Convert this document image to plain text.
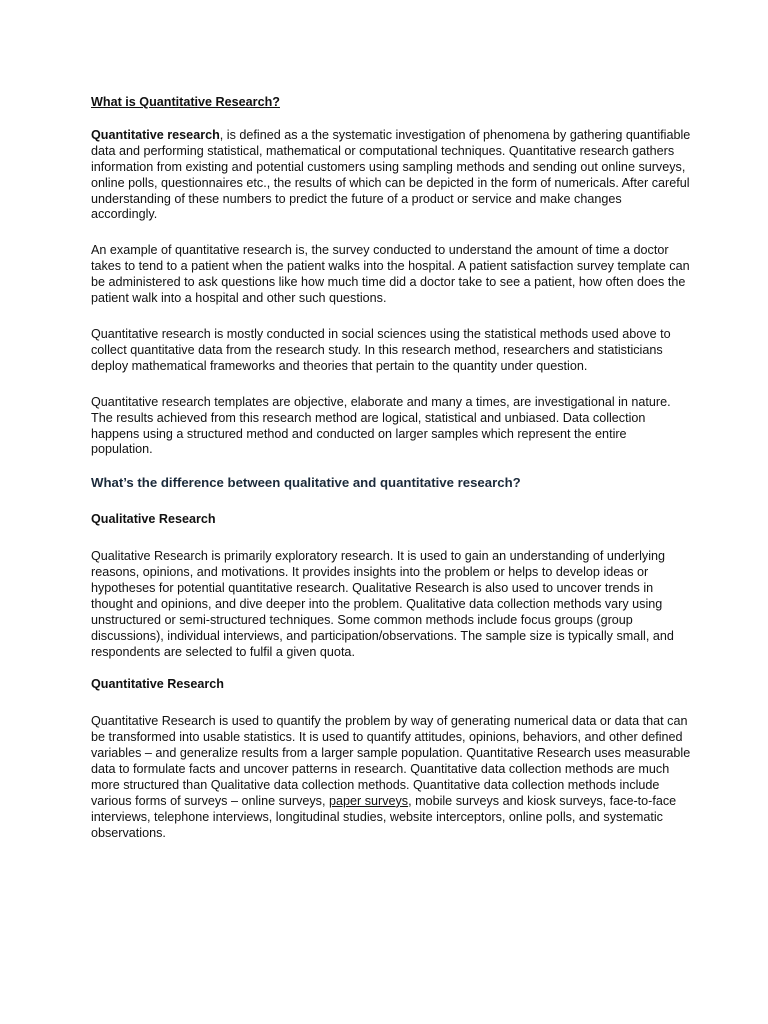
What is Quantitative Research?

Quantitative research, is defined as a the systematic investigation of phenomena by gathering quantifiable data and performing statistical, mathematical or computational techniques. Quantitative research gathers information from existing and potential customers using sampling methods and sending out online surveys, online polls, questionnaires etc., the results of which can be depicted in the form of numericals. After careful understanding of these numbers to predict the future of a product or service and make changes accordingly.

An example of quantitative research is, the survey conducted to understand the amount of time a doctor takes to tend to a patient when the patient walks into the hospital. A patient satisfaction survey template can be administered to ask questions like how much time did a doctor take to see a patient, how often does the patient walk into a hospital and other such questions.

Quantitative research is mostly conducted in social sciences using the statistical methods used above to collect quantitative data from the research study. In this research method, researchers and statisticians deploy mathematical frameworks and theories that pertain to the quantity under question.

Quantitative research templates are objective, elaborate and many a times, are investigational in nature. The results achieved from this research method are logical, statistical and unbiased. Data collection happens using a structured method and conducted on larger samples which represent the entire population.

What’s the difference between qualitative and quantitative research?
Qualitative Research

Qualitative Research is primarily exploratory research. It is used to gain an understanding of underlying reasons, opinions, and motivations. It provides insights into the problem or helps to develop ideas or hypotheses for potential quantitative research. Qualitative Research is also used to uncover trends in thought and opinions, and dive deeper into the problem. Qualitative data collection methods vary using unstructured or semi-structured techniques. Some common methods include focus groups (group discussions), individual interviews, and participation/observations. The sample size is typically small, and respondents are selected to fulfil a given quota.

Quantitative Research

Quantitative Research is used to quantify the problem by way of generating numerical data or data that can be transformed into usable statistics. It is used to quantify attitudes, opinions, behaviors, and other defined variables – and generalize results from a larger sample population. Quantitative Research uses measurable data to formulate facts and uncover patterns in research. Quantitative data collection methods are much more structured than Qualitative data collection methods. Quantitative data collection methods include various forms of surveys – online surveys, paper surveys, mobile surveys and kiosk surveys, face-to-face interviews, telephone interviews, longitudinal studies, website interceptors, online polls, and systematic observations.
